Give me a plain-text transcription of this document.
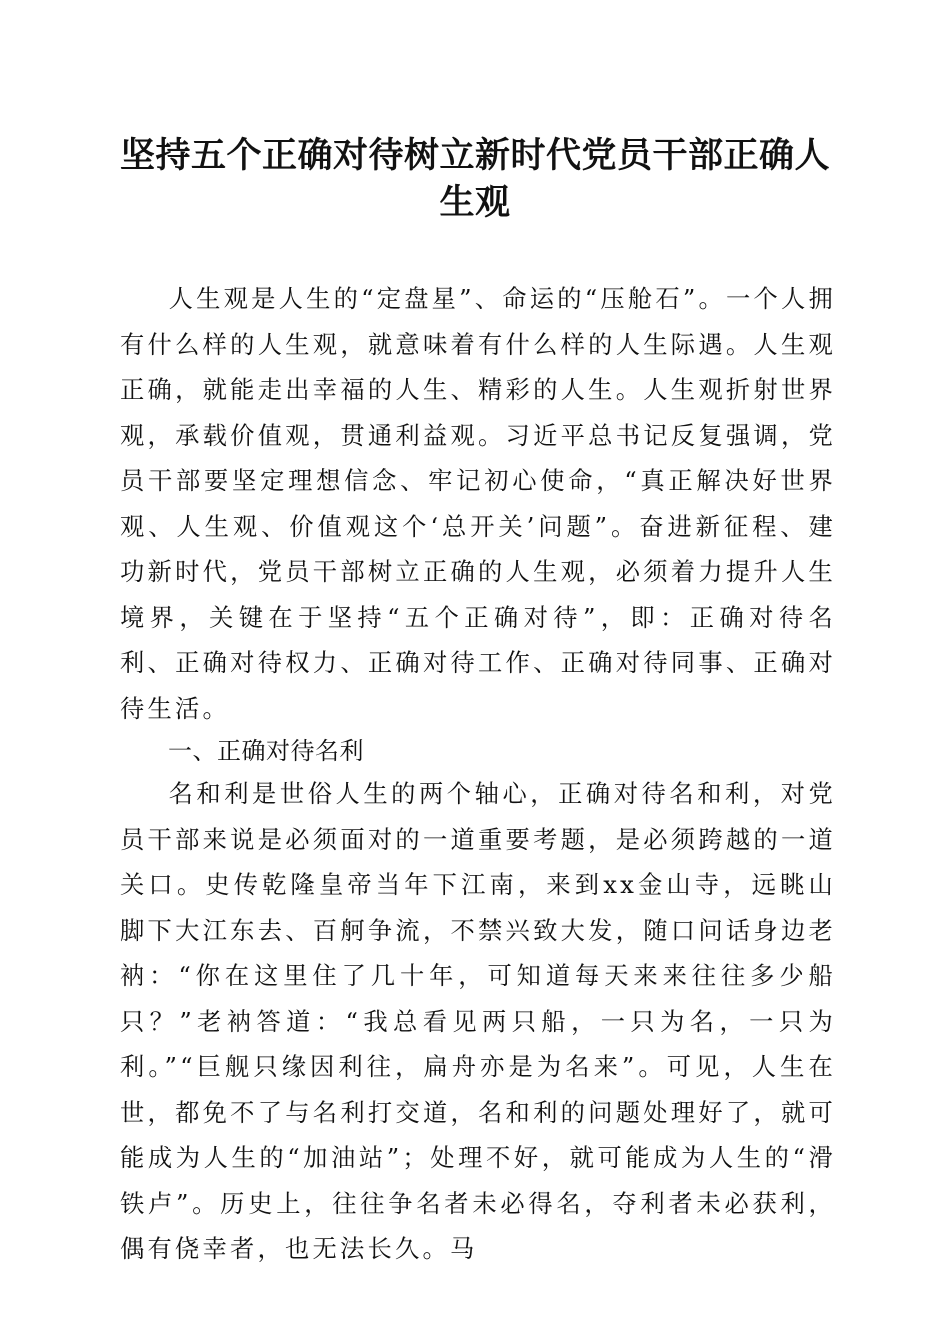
坚持五个正确对待树立新时代党员干部正确人生观

人生观是人生的“定盘星”、命运的“压舱石”。一个人拥有什么样的人生观，就意味着有什么样的人生际遇。人生观正确，就能走出幸福的人生、精彩的人生。人生观折射世界观，承载价值观，贯通利益观。习近平总书记反复强调，党员干部要坚定理想信念、牢记初心使命，“真正解决好世界观、人生观、价值观这个‘总开关’问题”。奋进新征程、建功新时代，党员干部树立正确的人生观，必须着力提升人生境界，关键在于坚持“五个正确对待”，即：正确对待名利、正确对待权力、正确对待工作、正确对待同事、正确对待生活。

一、正确对待名利

名和利是世俗人生的两个轴心，正确对待名和利，对党员干部来说是必须面对的一道重要考题，是必须跨越的一道关口。史传乾隆皇帝当年下江南，来到xx金山寺，远眺山脚下大江东去、百舸争流，不禁兴致大发，随口问话身边老衲：“你在这里住了几十年，可知道每天来来往往多少船只？”老衲答道：“我总看见两只船，一只为名，一只为利。”“巨舰只缘因利往，扁舟亦是为名来”。可见，人生在世，都免不了与名利打交道，名和利的问题处理好了，就可能成为人生的“加油站”；处理不好，就可能成为人生的“滑铁卢”。历史上，往往争名者未必得名，夺利者未必获利，偶有侥幸者，也无法长久。马
